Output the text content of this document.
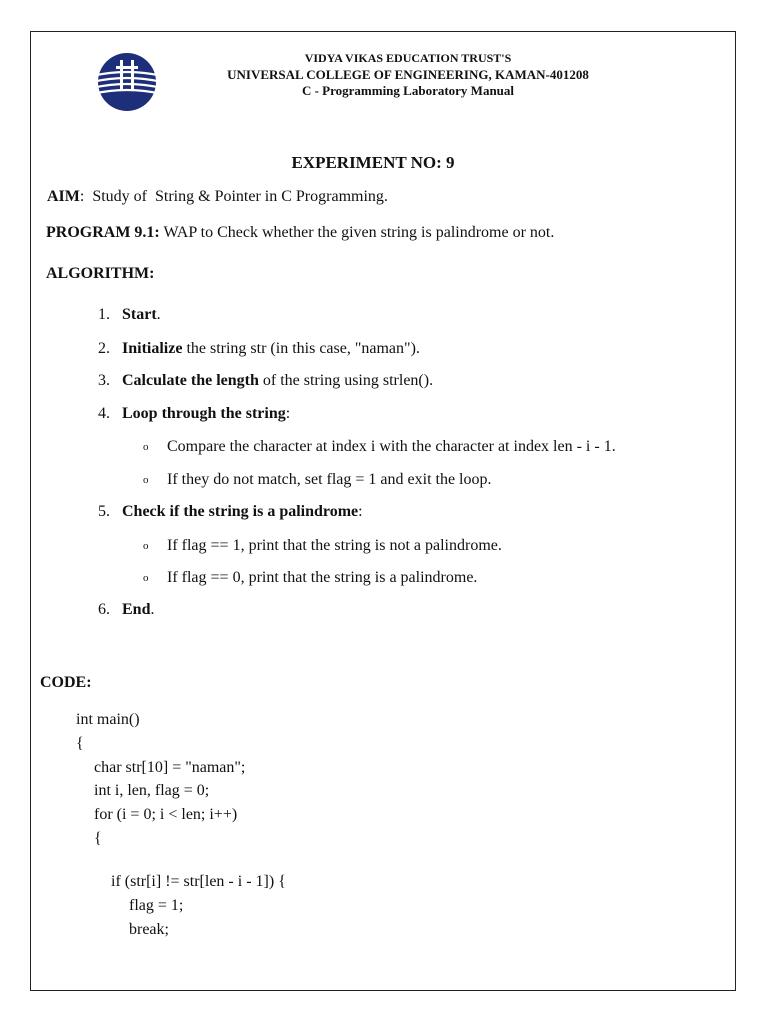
VIDYA VIKAS EDUCATION TRUST'S
UNIVERSAL COLLEGE OF ENGINEERING, KAMAN-401208
C - Programming Laboratory Manual
EXPERIMENT NO: 9
AIM:  Study of  String & Pointer in C Programming.
PROGRAM 9.1: WAP to Check whether the given string is palindrome or not.
ALGORITHM:
1. Start.
2. Initialize the string str (in this case, "naman").
3. Calculate the length of the string using strlen().
4. Loop through the string:
o Compare the character at index i with the character at index len - i - 1.
o If they do not match, set flag = 1 and exit the loop.
5. Check if the string is a palindrome:
o If flag == 1, print that the string is not a palindrome.
o If flag == 0, print that the string is a palindrome.
6. End.
CODE:
int main()
{
char str[10] = "naman";
int i, len, flag = 0;
for (i = 0; i < len; i++)
{
if (str[i] != str[len - i - 1]) {
flag = 1;
break;
